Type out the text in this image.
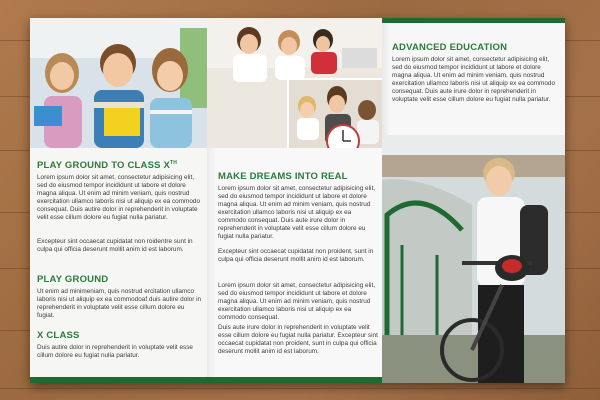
PLAY GROUND TO CLASS XTH
Lorem ipsum dolor sit amet, consectetur adipisicing elit, sed do eiusmod tempor incididunt ut labore et dolore magna aliqua. Ut enim ad minim veniam, quis nostrud exercitation ullamco laboris nisi ut aliquip ex ea commodo consequat. Duis autire dolor in reprehenderit in voluptate velit esse cillum dolore eu fugiat nulla pariatur.
Excepteur sint occaecat cupidatat non roidentre sunt in culpa qui officia deserunt mollit anim id est laborum.
PLAY GROUND
Ut enim ad minimeniam, quis nostrud ercitation ullamco laboris nisi ut aliquip ex ea commodoaf duis autire dolor in reprehenderit in voluptate velit esse cillum dolore eu fugiat.
X CLASS
Duis autire dolor in reprehenderit in voluptate velit esse cillum dolore eu fugiat nulla pariatur.
MAKE DREAMS INTO REAL
Lorem ipsum dolor sit amet, consectetur adipisicing elit, sed do eiusmod tempor incididunt ut labore et dolore magna aliqua. Ut enim ad minim veniam, quis nostrud exercitation ullamco laboris nisi ut aliquip ex ea commodo consequat. Duis aute irure dolor in reprehenderit in voluptate velit esse cillum dolore eu fugiat nulla pariatur.
Excepteur sint occaecat cupidatat non proident, sunt in culpa qui officia deserunt mollit anim id est laborum.
Lorem ipsum dolor sit amet, consectetur adipisicing elit, sed do eiusmod tempor incididunt ut labore et dolore magna aliqua. Ut enim ad minim veniam, quis nostrud exercitation ullamco laboris nisi ut aliquip ex ea commodo consequat.
Duis aute irure dolor in reprehenderit in voluptate velit esse cillum dolore eu fugiat nulla pariatur. Excepteur sint occaecat cupidatat non proident, sunt in culpa qui officia deserunt mollit anim id est laborum.
ADVANCED EDUCATION
Lorem ipsum dolor sit amet, consectetur adipisicing elit, sed do eiusmod tempor incididunt ut labore et dolore magna aliqua. Ut enim ad minim veniam, quis nostrud exercitation ullamco laboris nisi ut aliquip ex ea commodo consequat. Duis aute irure dolor in reprehenderit in voluptate velit esse cillum dolore eu fugiat nulla pariatur.
